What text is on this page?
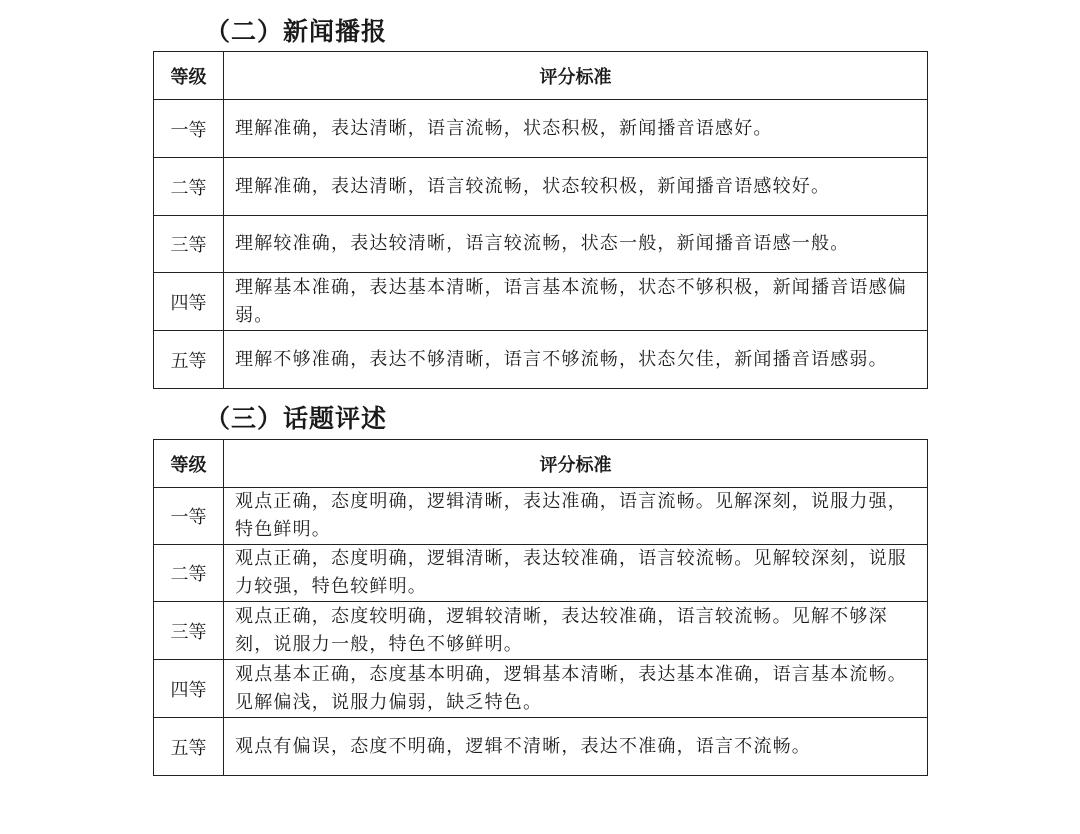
（二）新闻播报
等级	评分标准
一等	理解准确，表达清晰，语言流畅，状态积极，新闻播音语感好。
二等	理解准确，表达清晰，语言较流畅，状态较积极，新闻播音语感较好。
三等	理解较准确，表达较清晰，语言较流畅，状态一般，新闻播音语感一般。
四等	理解基本准确，表达基本清晰，语言基本流畅，状态不够积极，新闻播音语感偏弱。
五等	理解不够准确，表达不够清晰，语言不够流畅，状态欠佳，新闻播音语感弱。
（三）话题评述
等级	评分标准
一等	观点正确，态度明确，逻辑清晰，表达准确，语言流畅。见解深刻，说服力强，特色鲜明。
二等	观点正确，态度明确，逻辑清晰，表达较准确，语言较流畅。见解较深刻，说服力较强，特色较鲜明。
三等	观点正确，态度较明确，逻辑较清晰，表达较准确，语言较流畅。见解不够深刻，说服力一般，特色不够鲜明。
四等	观点基本正确，态度基本明确，逻辑基本清晰，表达基本准确，语言基本流畅。见解偏浅，说服力偏弱，缺乏特色。
五等	观点有偏误，态度不明确，逻辑不清晰，表达不准确，语言不流畅。
